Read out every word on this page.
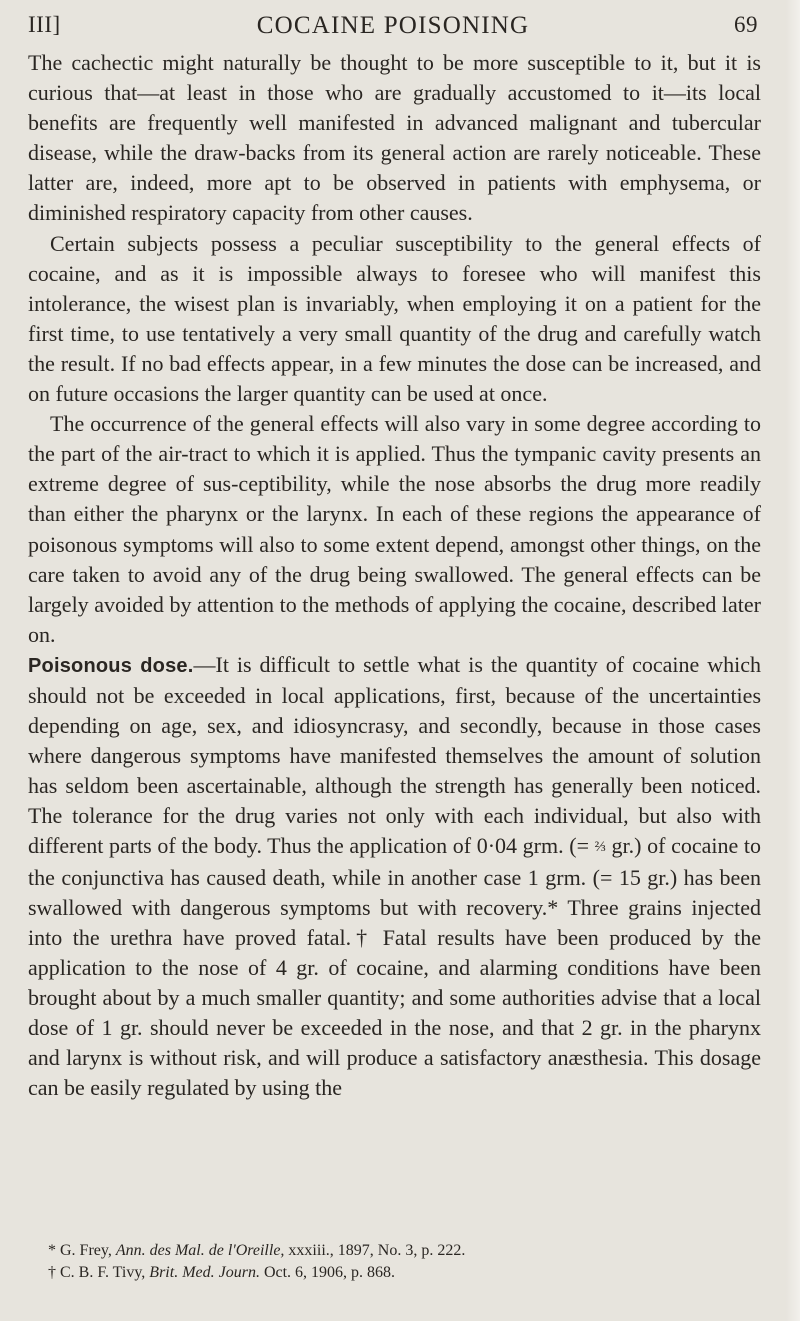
III]	COCAINE POISONING	69

The cachectic might naturally be thought to be more susceptible to it, but it is curious that—at least in those who are gradually accustomed to it—its local benefits are frequently well manifested in advanced malignant and tubercular disease, while the draw-backs from its general action are rarely noticeable. These latter are, indeed, more apt to be observed in patients with emphysema, or diminished respiratory capacity from other causes.

Certain subjects possess a peculiar susceptibility to the general effects of cocaine, and as it is impossible always to foresee who will manifest this intolerance, the wisest plan is invariably, when employing it on a patient for the first time, to use tentatively a very small quantity of the drug and carefully watch the result. If no bad effects appear, in a few minutes the dose can be increased, and on future occasions the larger quantity can be used at once.

The occurrence of the general effects will also vary in some degree according to the part of the air-tract to which it is applied. Thus the tympanic cavity presents an extreme degree of sus-ceptibility, while the nose absorbs the drug more readily than either the pharynx or the larynx. In each of these regions the appearance of poisonous symptoms will also to some extent depend, amongst other things, on the care taken to avoid any of the drug being swallowed. The general effects can be largely avoided by attention to the methods of applying the cocaine, described later on.

Poisonous dose.—It is difficult to settle what is the quantity of cocaine which should not be exceeded in local applications, first, because of the uncertainties depending on age, sex, and idiosyncrasy, and secondly, because in those cases where dangerous symptoms have manifested themselves the amount of solution has seldom been ascertainable, although the strength has generally been noticed. The tolerance for the drug varies not only with each individual, but also with different parts of the body. Thus the application of 0·04 grm. (= ⅔ gr.) of cocaine to the conjunctiva has caused death, while in another case 1 grm. (= 15 gr.) has been swallowed with dangerous symptoms but with recovery.* Three grains injected into the urethra have proved fatal.† Fatal results have been produced by the application to the nose of 4 gr. of cocaine, and alarming conditions have been brought about by a much smaller quantity; and some authorities advise that a local dose of 1 gr. should never be exceeded in the nose, and that 2 gr. in the pharynx and larynx is without risk, and will produce a satisfactory anæsthesia. This dosage can be easily regulated by using the

* G. Frey, Ann. des Mal. de l'Oreille, xxxiii., 1897, No. 3, p. 222.

† C. B. F. Tivy, Brit. Med. Journ. Oct. 6, 1906, p. 868.
